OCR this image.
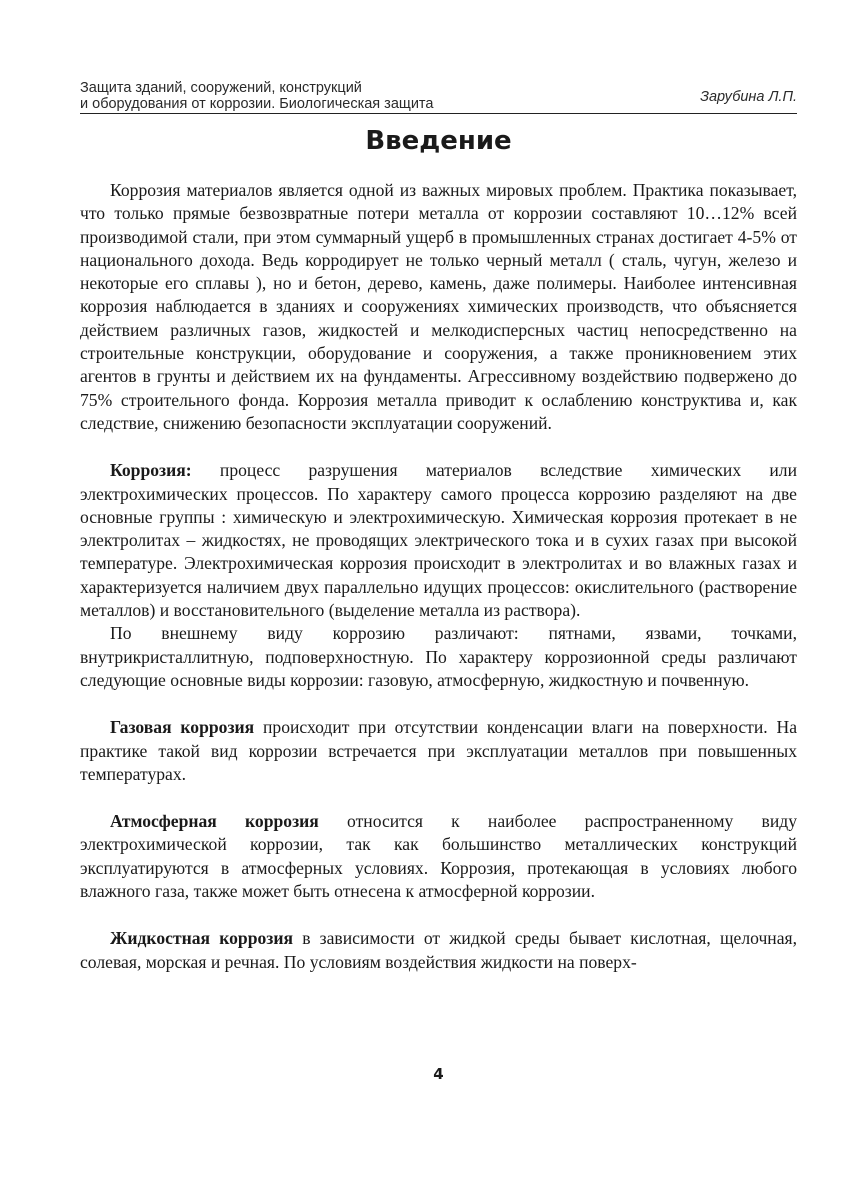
Защита зданий, сооружений, конструкций
и оборудования от коррозии. Биологическая защита	Зарубина Л.П.
Введение

Коррозия материалов является одной из важных мировых проблем. Практика показывает, что только прямые безвозвратные потери металла от коррозии составляют 10…12% всей производимой стали, при этом суммарный ущерб в промышленных странах достигает 4-5% от национального дохода. Ведь корродирует не только черный металл ( сталь, чугун, железо и некоторые его сплавы ), но и бетон, дерево, камень, даже полимеры. Наиболее интенсивная коррозия наблюдается в зданиях и сооружениях химических производств, что объясняется действием различных газов, жидкостей и мелкодисперсных частиц непосредственно на строительные конструкции, оборудование и сооружения, а также проникновением этих агентов в грунты и действием их на фундаменты. Агрессивному воздействию подвержено до 75% строительного фонда. Коррозия металла приводит к ослаблению конструктива и, как следствие, снижению безопасности эксплуатации сооружений.

Коррозия: процесс разрушения материалов вследствие химических или электрохимических процессов. По характеру самого процесса коррозию разделяют на две основные группы : химическую и электрохимическую. Химическая коррозия протекает в не электролитах – жидкостях, не проводящих электрического тока и в сухих газах при высокой температуре. Электрохимическая коррозия происходит в электролитах и во влажных газах и характеризуется наличием двух параллельно идущих процессов: окислительного (растворение металлов) и восстановительного (выделение металла из раствора).

По внешнему виду коррозию различают: пятнами, язвами, точками, внутрикристаллитную, подповерхностную. По характеру коррозионной среды различают следующие основные виды коррозии: газовую, атмосферную, жидкостную и почвенную.

Газовая коррозия происходит при отсутствии конденсации влаги на поверхности. На практике такой вид коррозии встречается при эксплуатации металлов при повышенных температурах.

Атмосферная коррозия относится к наиболее распространенному виду электрохимической коррозии, так как большинство металлических конструкций эксплуатируются в атмосферных условиях. Коррозия, протекающая в условиях любого влажного газа, также может быть отнесена к атмосферной коррозии.

Жидкостная коррозия в зависимости от жидкой среды бывает кислотная, щелочная, солевая, морская и речная. По условиям воздействия жидкости на поверх-

4
